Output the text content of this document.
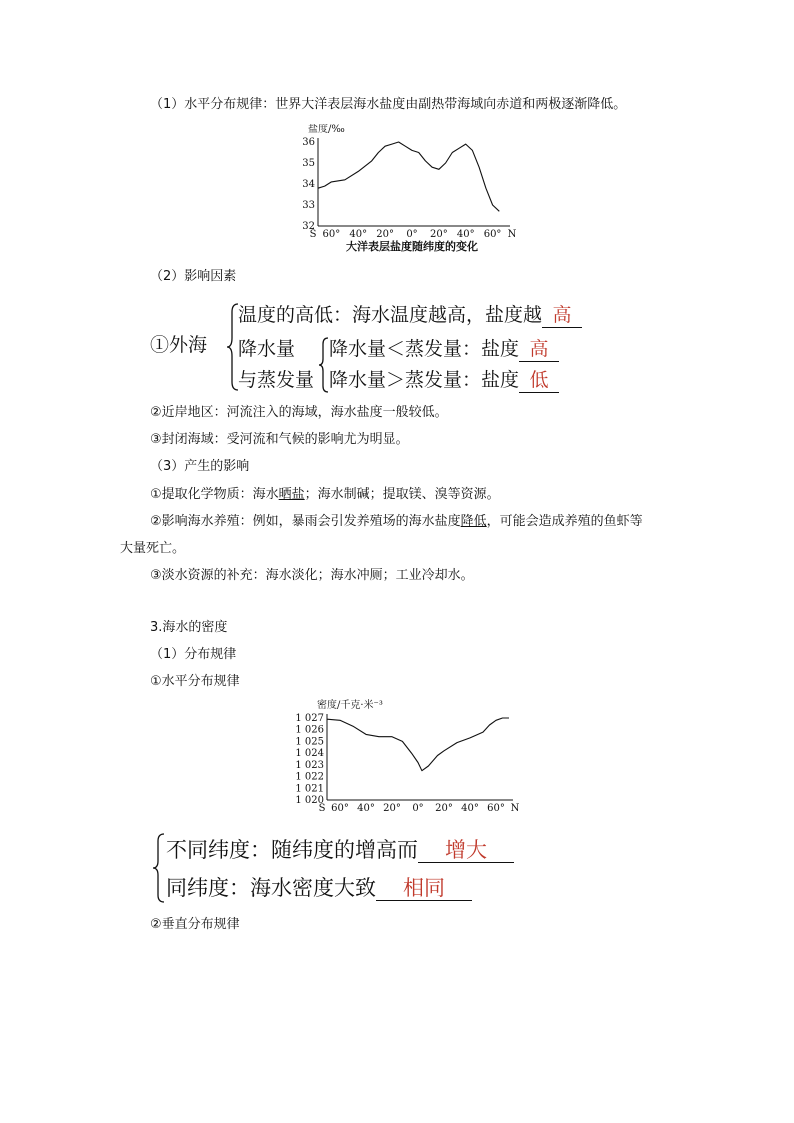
（1）水平分布规律：世界大洋表层海水盐度由副热带海域向赤道和两极逐渐降低。
盐度/‰
36
35
34
33
32
60° 40° 20° 0° 20° 40° 60°
S	N
大洋表层盐度随纬度的变化
（2）影响因素
①外海
温度的高低：海水温度越高，盐度越 高
降水量
与蒸发量
降水量＜蒸发量：盐度 高
降水量＞蒸发量：盐度 低
②近岸地区：河流注入的海域，海水盐度一般较低。
③封闭海域：受河流和气候的影响尤为明显。
（3）产生的影响
①提取化学物质：海水晒盐；海水制碱；提取镁、溴等资源。
②影响海水养殖：例如，暴雨会引发养殖场的海水盐度降低，可能会造成养殖的鱼虾等
大量死亡。
③淡水资源的补充：海水淡化；海水冲厕；工业冷却水。
3.海水的密度
（1）分布规律
①水平分布规律
密度/千克·米⁻³
1 027
1 026
1 025
1 024
1 023
1 022
1 021
1 020
60° 40° 20° 0° 20° 40° 60°
S	N
不同纬度：随纬度的增高而 增大
同纬度：海水密度大致 相同
②垂直分布规律
